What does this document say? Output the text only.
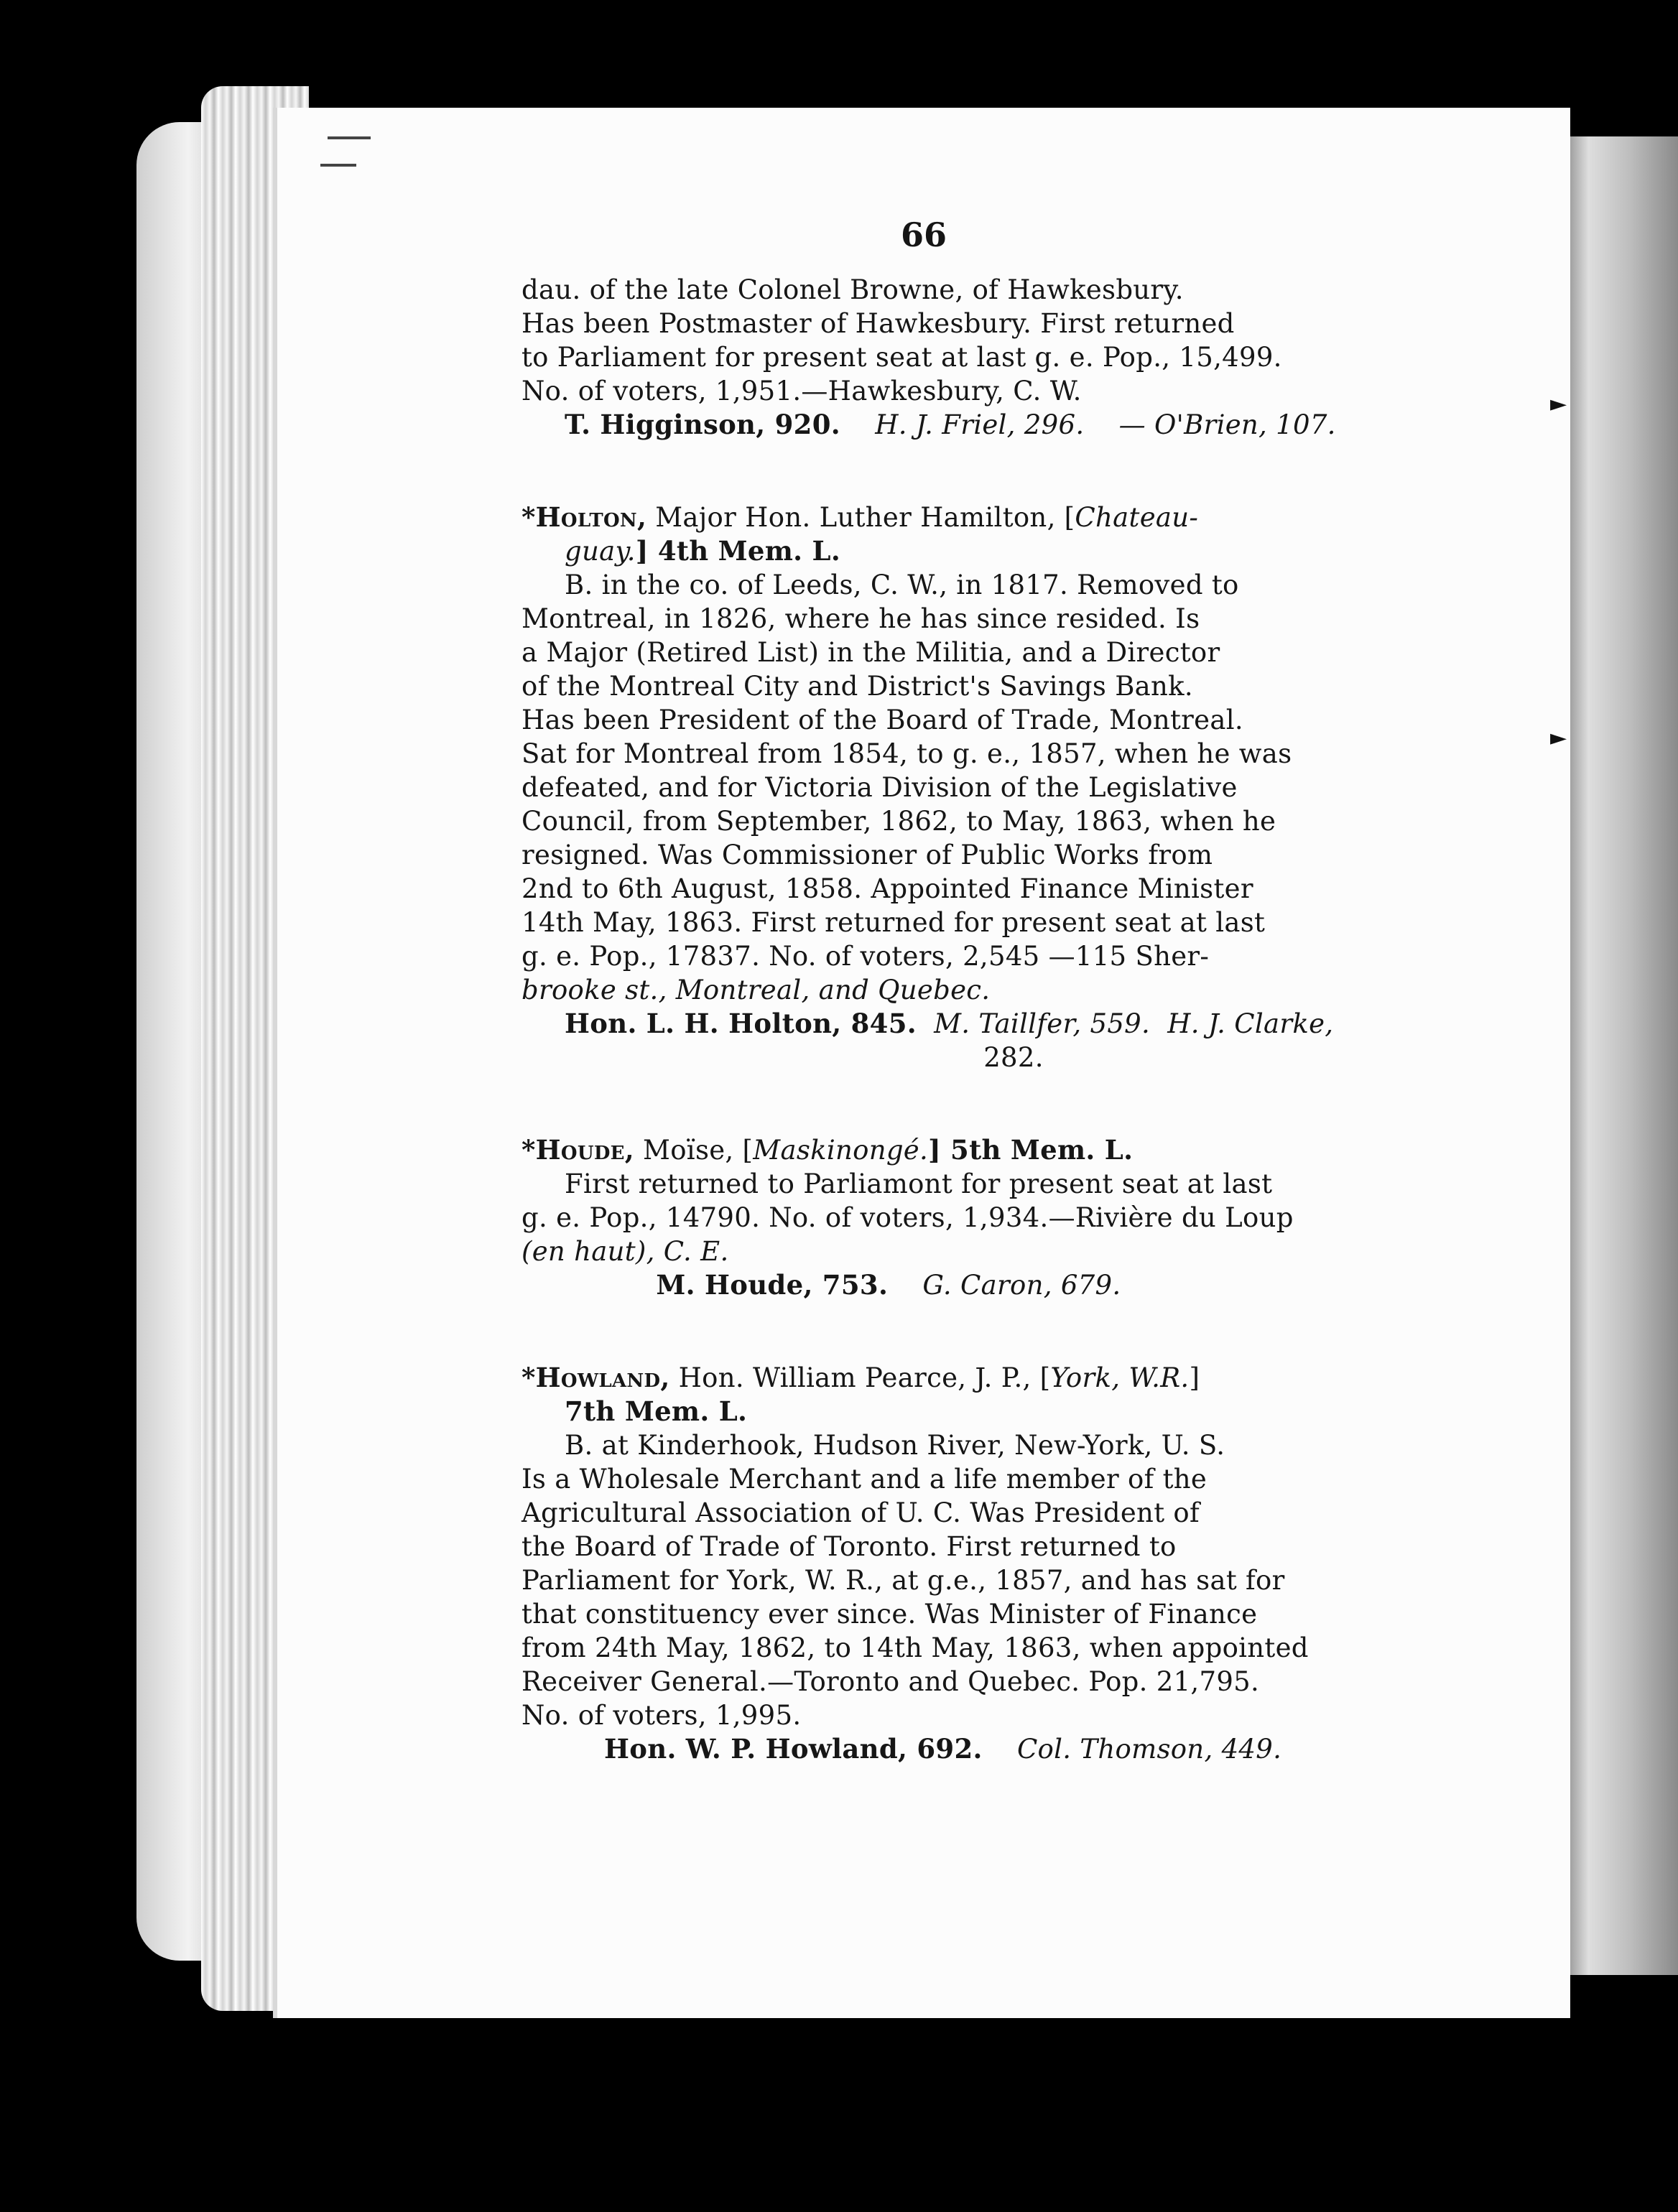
66
dau. of the late Colonel Browne, of Hawkesbury.
Has been Postmaster of Hawkesbury. First returned
to Parliament for present seat at last g. e. Pop., 15,499.
No. of voters, 1,951.—Hawkesbury, C. W.
T. Higginson, 920. H. J. Friel, 296. — O'Brien, 107.
*Holton, Major Hon. Luther Hamilton, [Chateau-
guay.] 4th Mem. L.
B. in the co. of Leeds, C. W., in 1817. Removed to
Montreal, in 1826, where he has since resided. Is
a Major (Retired List) in the Militia, and a Director
of the Montreal City and District's Savings Bank.
Has been President of the Board of Trade, Montreal.
Sat for Montreal from 1854, to g. e., 1857, when he was
defeated, and for Victoria Division of the Legislative
Council, from September, 1862, to May, 1863, when he
resigned. Was Commissioner of Public Works from
2nd to 6th August, 1858. Appointed Finance Minister
14th May, 1863. First returned for present seat at last
g. e. Pop., 17837. No. of voters, 2,545 —115 Sher-
brooke st., Montreal, and Quebec.
Hon. L. H. Holton, 845. M. Taillfer, 559. H. J. Clarke,
282.
*Houde, Moïse, [Maskinongé.] 5th Mem. L.
First returned to Parliamont for present seat at last
g. e. Pop., 14790. No. of voters, 1,934.—Rivière du Loup
(en haut), C. E.
M. Houde, 753. G. Caron, 679.
*Howland, Hon. William Pearce, J. P., [York, W.R.]
7th Mem. L.
B. at Kinderhook, Hudson River, New-York, U. S.
Is a Wholesale Merchant and a life member of the
Agricultural Association of U. C. Was President of
the Board of Trade of Toronto. First returned to
Parliament for York, W. R., at g.e., 1857, and has sat for
that constituency ever since. Was Minister of Finance
from 24th May, 1862, to 14th May, 1863, when appointed
Receiver General.—Toronto and Quebec. Pop. 21,795.
No. of voters, 1,995.
Hon. W. P. Howland, 692. Col. Thomson, 449.
►
►
